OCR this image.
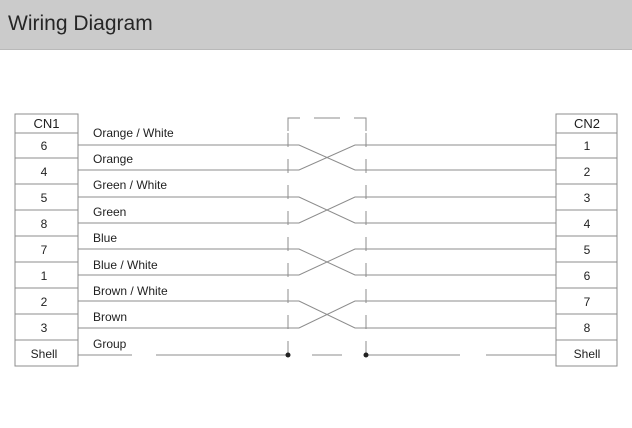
Wiring Diagram
CN1
6
4
5
8
7
1
2
3
Shell
CN2
1
2
3
4
5
6
7
8
Shell
Orange / White
Orange
Green / White
Green
Blue
Blue / White
Brown / White
Brown
Group
